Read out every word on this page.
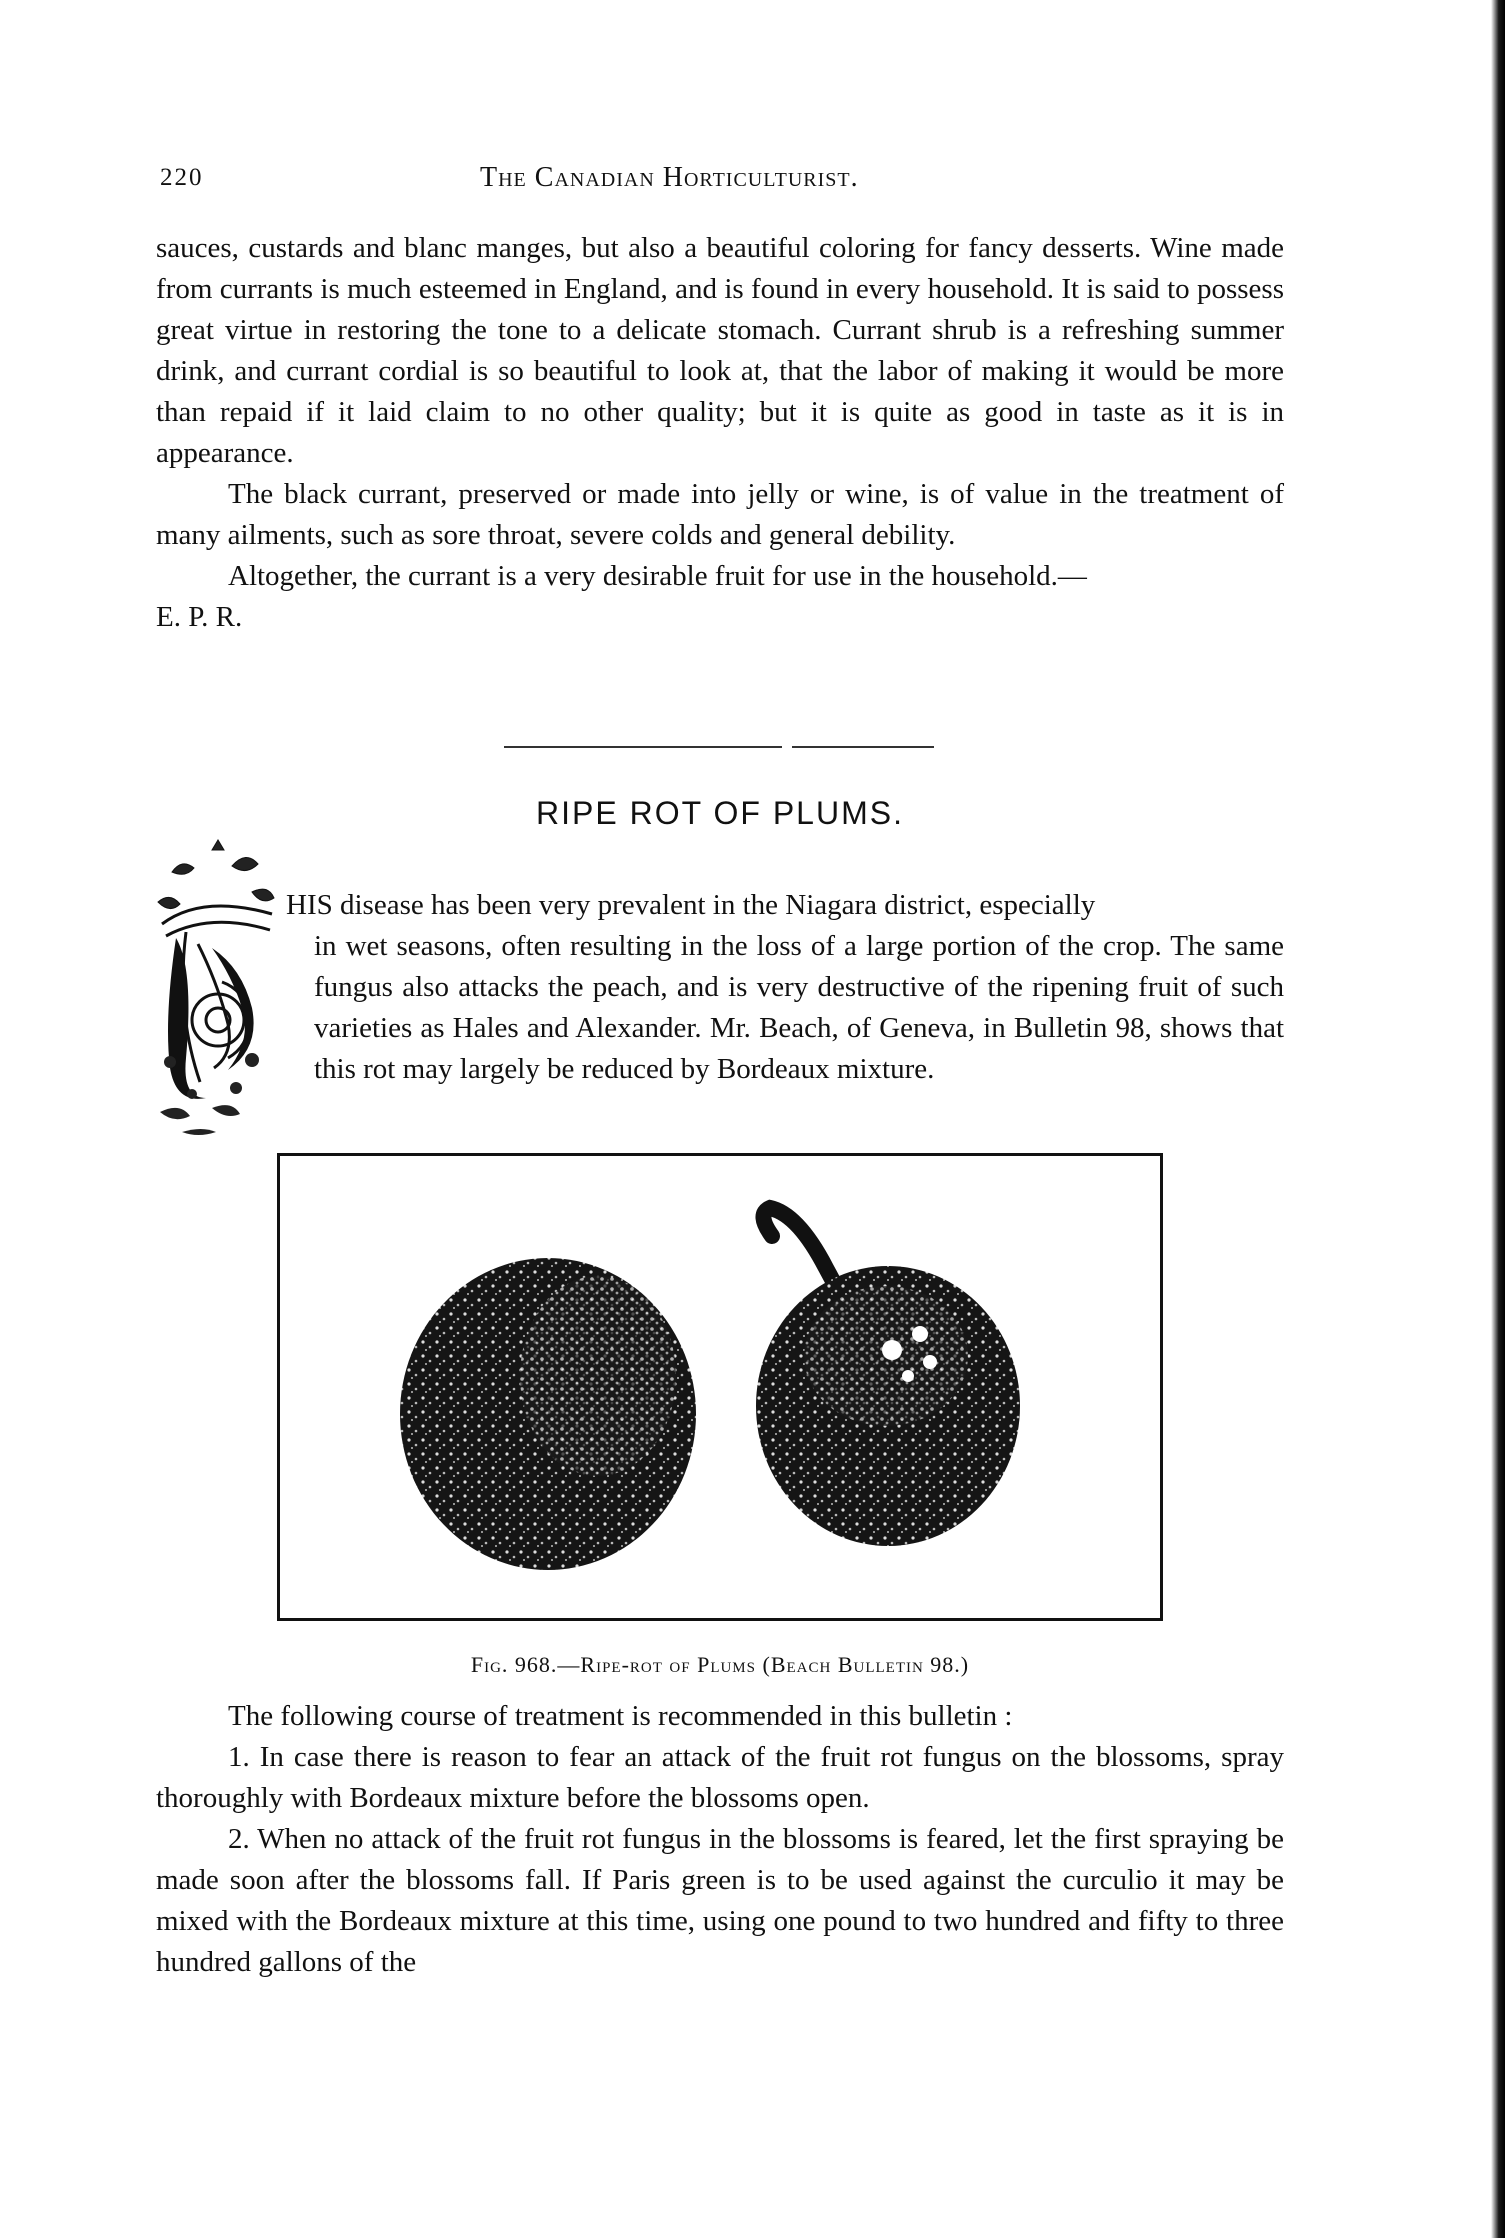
220	The Canadian Horticulturist.

sauces, custards and blanc manges, but also a beautiful coloring for fancy desserts. Wine made from currants is much esteemed in England, and is found in every household. It is said to possess great virtue in restoring the tone to a delicate stomach. Currant shrub is a refreshing summer drink, and currant cordial is so beautiful to look at, that the labor of making it would be more than repaid if it laid claim to no other quality; but it is quite as good in taste as it is in appearance.

The black currant, preserved or made into jelly or wine, is of value in the treatment of many ailments, such as sore throat, severe colds and general debility.

Altogether, the currant is a very desirable fruit for use in the household.—

E. P. R.

RIPE ROT OF PLUMS.

HIS disease has been very prevalent in the Niagara district, especially

in wet seasons, often resulting in the loss of a large portion of the crop. The same fungus also attacks the peach, and is very destructive of the ripening fruit of such varieties as Hales and Alexander. Mr. Beach, of Geneva, in Bulletin 98, shows that this rot may largely be reduced by Bordeaux mixture.

Fig. 968.—Ripe-rot of Plums (Beach Bulletin 98.)

The following course of treatment is recommended in this bulletin :

1. In case there is reason to fear an attack of the fruit rot fungus on the blossoms, spray thoroughly with Bordeaux mixture before the blossoms open.

2. When no attack of the fruit rot fungus in the blossoms is feared, let the first spraying be made soon after the blossoms fall. If Paris green is to be used against the curculio it may be mixed with the Bordeaux mixture at this time, using one pound to two hundred and fifty to three hundred gallons of the
